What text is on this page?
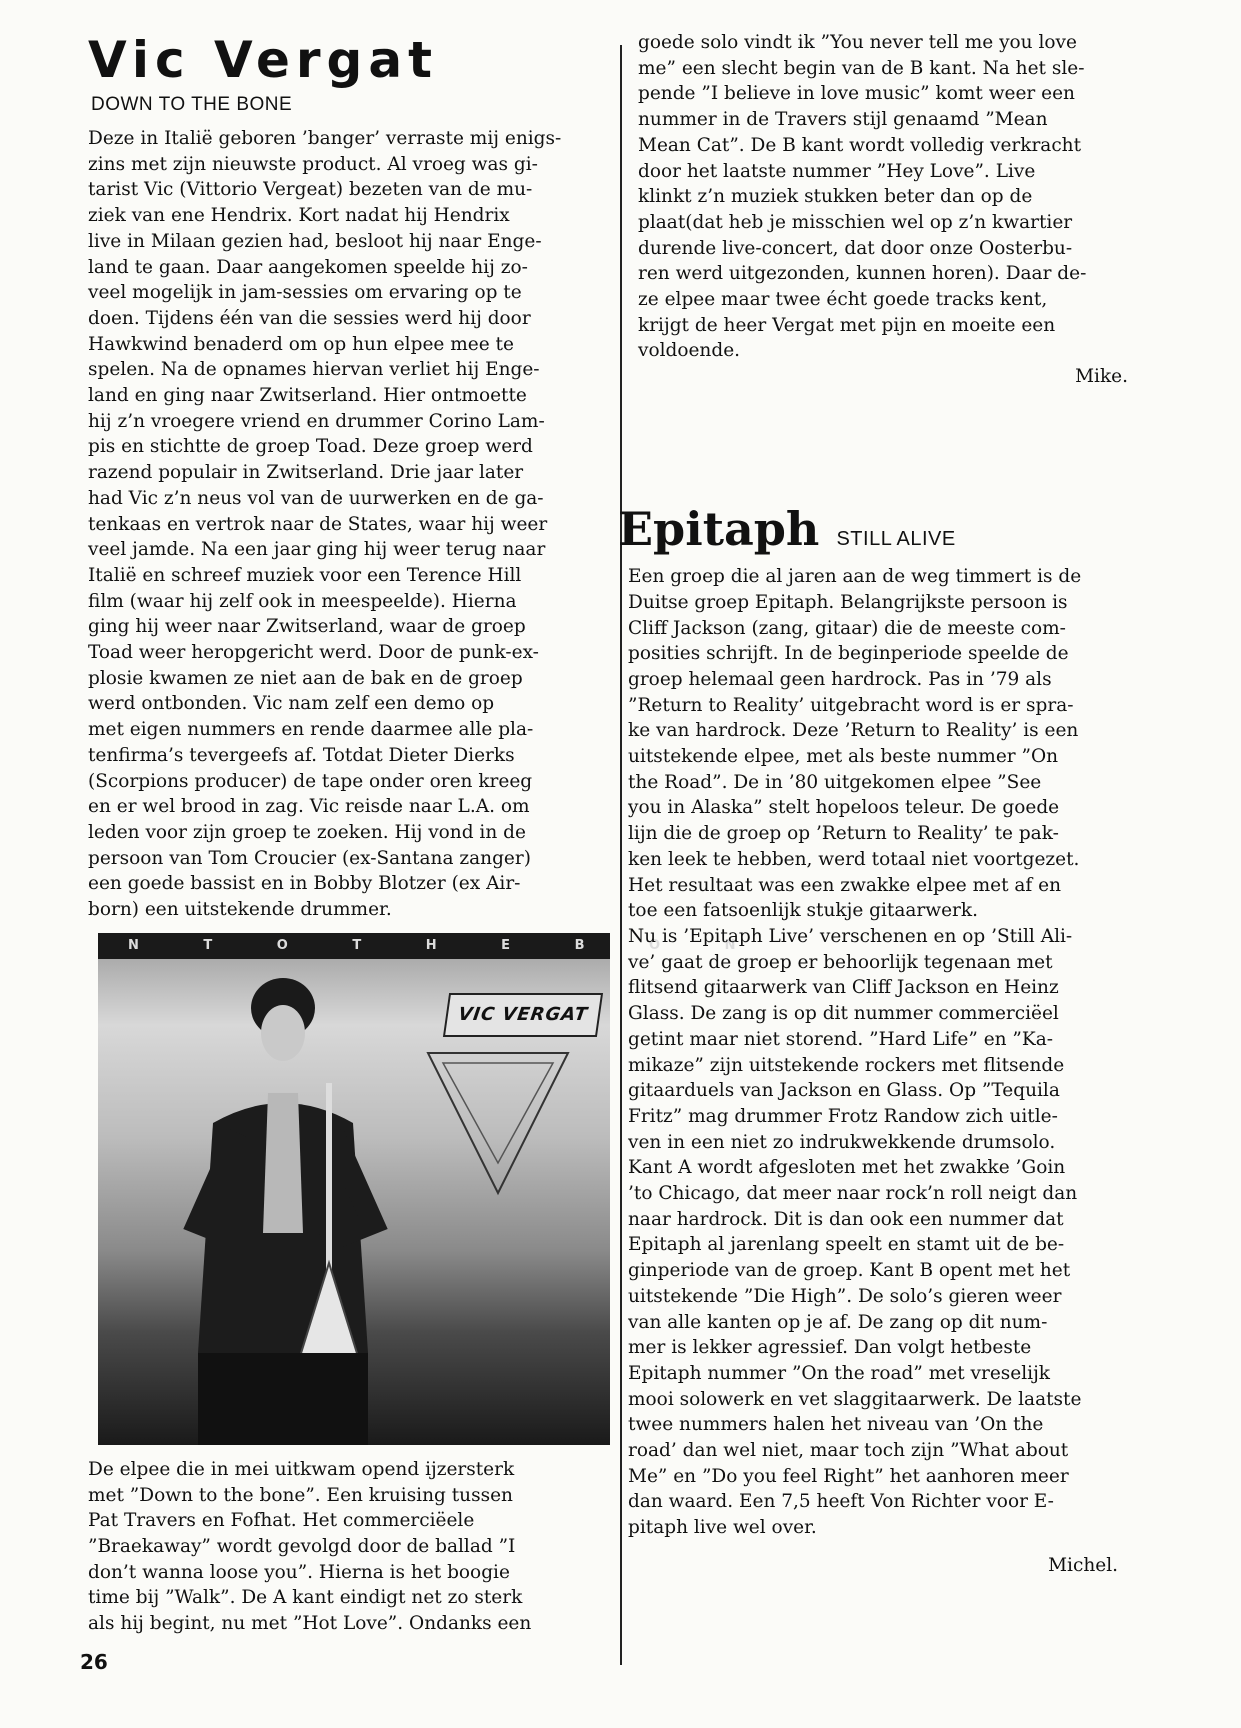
Vic Vergat
DOWN TO THE BONE

Deze in Italië geboren ’banger’ verraste mij enigs-

zins met zijn nieuwste product. Al vroeg was gi-

tarist Vic (Vittorio Vergeat) bezeten van de mu-

ziek van ene Hendrix. Kort nadat hij Hendrix

live in Milaan gezien had, besloot hij naar Enge-

land te gaan. Daar aangekomen speelde hij zo-

veel mogelijk in jam-sessies om ervaring op te

doen. Tijdens één van die sessies werd hij door

Hawkwind benaderd om op hun elpee mee te

spelen. Na de opnames hiervan verliet hij Enge-

land en ging naar Zwitserland. Hier ontmoette

hij z’n vroegere vriend en drummer Corino Lam-

pis en stichtte de groep Toad. Deze groep werd

razend populair in Zwitserland. Drie jaar later

had Vic z’n neus vol van de uurwerken en de ga-

tenkaas en vertrok naar de States, waar hij weer

veel jamde. Na een jaar ging hij weer terug naar

Italië en schreef muziek voor een Terence Hill

film (waar hij zelf ook in meespeelde). Hierna

ging hij weer naar Zwitserland, waar de groep

Toad weer heropgericht werd. Door de punk-ex-

plosie kwamen ze niet aan de bak en de groep

werd ontbonden. Vic nam zelf een demo op

met eigen nummers en rende daarmee alle pla-

tenfirma’s tevergeefs af. Totdat Dieter Dierks

(Scorpions producer) de tape onder oren kreeg

en er wel brood in zag. Vic reisde naar L.A. om

leden voor zijn groep te zoeken. Hij vond in de

persoon van Tom Croucier (ex-Santana zanger)

een goede bassist en in Bobby Blotzer (ex Air-

born) een uitstekende drummer.

N T O T H E B O N
VIC VERGAT

De elpee die in mei uitkwam opend ijzersterk

met ”Down to the bone”. Een kruising tussen

Pat Travers en Fofhat. Het commerciëele

”Braekaway” wordt gevolgd door de ballad ”I

don’t wanna loose you”. Hierna is het boogie

time bij ”Walk”. De A kant eindigt net zo sterk

als hij begint, nu met ”Hot Love”. Ondanks een

goede solo vindt ik ”You never tell me you love

me” een slecht begin van de B kant. Na het sle-

pende ”I believe in love music” komt weer een

nummer in de Travers stijl genaamd ”Mean

Mean Cat”. De B kant wordt volledig verkracht

door het laatste nummer ”Hey Love”. Live

klinkt z’n muziek stukken beter dan op de

plaat(dat heb je misschien wel op z’n kwartier

durende live-concert, dat door onze Oosterbu-

ren werd uitgezonden, kunnen horen). Daar de-

ze elpee maar twee écht goede tracks kent,

krijgt de heer Vergat met pijn en moeite een

voldoende.

Mike.
Epitaph STILL ALIVE

Een groep die al jaren aan de weg timmert is de

Duitse groep Epitaph. Belangrijkste persoon is

Cliff Jackson (zang, gitaar) die de meeste com-

posities schrijft. In de beginperiode speelde de

groep helemaal geen hardrock. Pas in ’79 als

”Return to Reality’ uitgebracht word is er spra-

ke van hardrock. Deze ’Return to Reality’ is een

uitstekende elpee, met als beste nummer ”On

the Road”. De in ’80 uitgekomen elpee ”See

you in Alaska” stelt hopeloos teleur. De goede

lijn die de groep op ’Return to Reality’ te pak-

ken leek te hebben, werd totaal niet voortgezet.

Het resultaat was een zwakke elpee met af en

toe een fatsoenlijk stukje gitaarwerk.

Nu is ’Epitaph Live’ verschenen en op ’Still Ali-

ve’ gaat de groep er behoorlijk tegenaan met

flitsend gitaarwerk van Cliff Jackson en Heinz

Glass. De zang is op dit nummer commerciëel

getint maar niet storend. ”Hard Life” en ”Ka-

mikaze” zijn uitstekende rockers met flitsende

gitaarduels van Jackson en Glass. Op ”Tequila

Fritz” mag drummer Frotz Randow zich uitle-

ven in een niet zo indrukwekkende drumsolo.

Kant A wordt afgesloten met het zwakke ’Goin

’to Chicago, dat meer naar rock’n roll neigt dan

naar hardrock. Dit is dan ook een nummer dat

Epitaph al jarenlang speelt en stamt uit de be-

ginperiode van de groep. Kant B opent met het

uitstekende ”Die High”. De solo’s gieren weer

van alle kanten op je af. De zang op dit num-

mer is lekker agressief. Dan volgt hetbeste

Epitaph nummer ”On the road” met vreselijk

mooi solowerk en vet slaggitaarwerk. De laatste

twee nummers halen het niveau van ’On the

road’ dan wel niet, maar toch zijn ”What about

Me” en ”Do you feel Right” het aanhoren meer

dan waard. Een 7,5 heeft Von Richter voor E-

pitaph live wel over.

Michel.
26
